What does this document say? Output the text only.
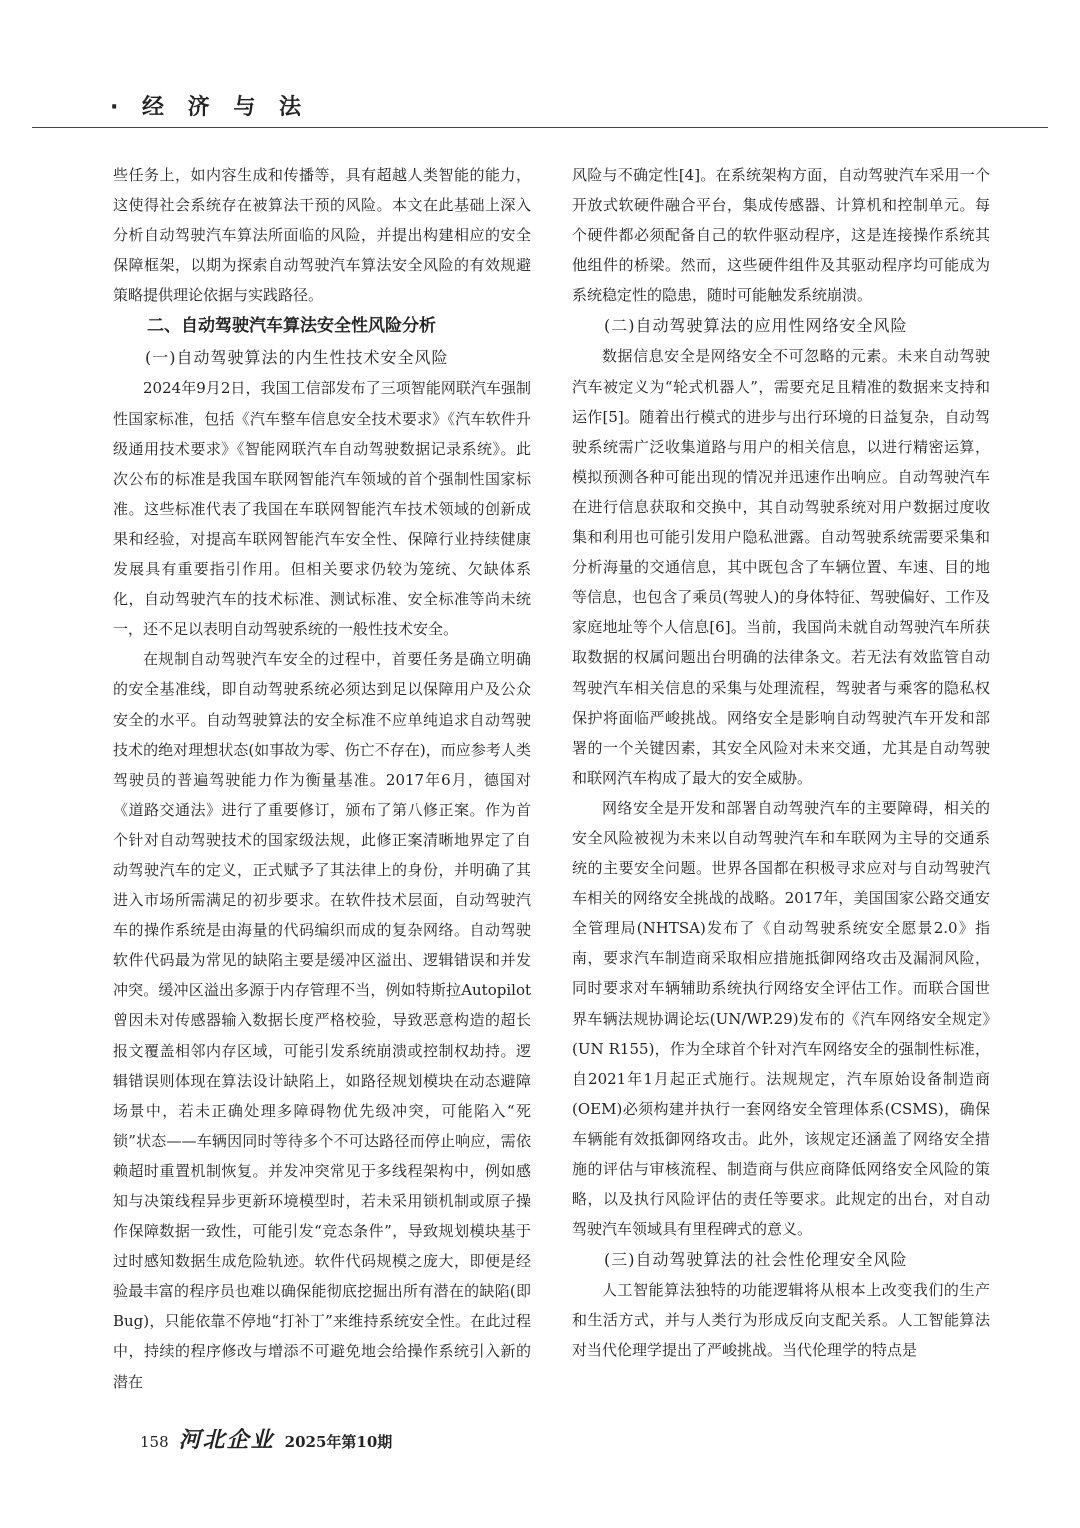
· 经 济 与 法

些任务上，如内容生成和传播等，具有超越人类智能的能力，这使得社会系统存在被算法干预的风险。本文在此基础上深入分析自动驾驶汽车算法所面临的风险，并提出构建相应的安全保障框架，以期为探索自动驾驶汽车算法安全风险的有效规避策略提供理论依据与实践路径。

二、自动驾驶汽车算法安全性风险分析
(一)自动驾驶算法的内生性技术安全风险

2024年9月2日，我国工信部发布了三项智能网联汽车强制性国家标准，包括《汽车整车信息安全技术要求》《汽车软件升级通用技术要求》《智能网联汽车自动驾驶数据记录系统》。此次公布的标准是我国车联网智能汽车领域的首个强制性国家标准。这些标准代表了我国在车联网智能汽车技术领域的创新成果和经验，对提高车联网智能汽车安全性、保障行业持续健康发展具有重要指引作用。但相关要求仍较为笼统、欠缺体系化，自动驾驶汽车的技术标准、测试标准、安全标准等尚未统一，还不足以表明自动驾驶系统的一般性技术安全。

在规制自动驾驶汽车安全的过程中，首要任务是确立明确的安全基准线，即自动驾驶系统必须达到足以保障用户及公众安全的水平。自动驾驶算法的安全标准不应单纯追求自动驾驶技术的绝对理想状态(如事故为零、伤亡不存在)，而应参考人类驾驶员的普遍驾驶能力作为衡量基准。2017年6月，德国对《道路交通法》进行了重要修订，颁布了第八修正案。作为首个针对自动驾驶技术的国家级法规，此修正案清晰地界定了自动驾驶汽车的定义，正式赋予了其法律上的身份，并明确了其进入市场所需满足的初步要求。在软件技术层面，自动驾驶汽车的操作系统是由海量的代码编织而成的复杂网络。自动驾驶软件代码最为常见的缺陷主要是缓冲区溢出、逻辑错误和并发冲突。缓冲区溢出多源于内存管理不当，例如特斯拉Autopilot曾因未对传感器输入数据长度严格校验，导致恶意构造的超长报文覆盖相邻内存区域，可能引发系统崩溃或控制权劫持。逻辑错误则体现在算法设计缺陷上，如路径规划模块在动态避障场景中，若未正确处理多障碍物优先级冲突，可能陷入“死锁”状态——车辆因同时等待多个不可达路径而停止响应，需依赖超时重置机制恢复。并发冲突常见于多线程架构中，例如感知与决策线程异步更新环境模型时，若未采用锁机制或原子操作保障数据一致性，可能引发“竞态条件”，导致规划模块基于过时感知数据生成危险轨迹。软件代码规模之庞大，即便是经验最丰富的程序员也难以确保能彻底挖掘出所有潜在的缺陷(即Bug)，只能依靠不停地“打补丁”来维持系统安全性。在此过程中，持续的程序修改与增添不可避免地会给操作系统引入新的潜在

风险与不确定性[4]。在系统架构方面，自动驾驶汽车采用一个开放式软硬件融合平台，集成传感器、计算机和控制单元。每个硬件都必须配备自己的软件驱动程序，这是连接操作系统其他组件的桥梁。然而，这些硬件组件及其驱动程序均可能成为系统稳定性的隐患，随时可能触发系统崩溃。

(二)自动驾驶算法的应用性网络安全风险

数据信息安全是网络安全不可忽略的元素。未来自动驾驶汽车被定义为“轮式机器人”，需要充足且精准的数据来支持和运作[5]。随着出行模式的进步与出行环境的日益复杂，自动驾驶系统需广泛收集道路与用户的相关信息，以进行精密运算，模拟预测各种可能出现的情况并迅速作出响应。自动驾驶汽车在进行信息获取和交换中，其自动驾驶系统对用户数据过度收集和利用也可能引发用户隐私泄露。自动驾驶系统需要采集和分析海量的交通信息，其中既包含了车辆位置、车速、目的地等信息，也包含了乘员(驾驶人)的身体特征、驾驶偏好、工作及家庭地址等个人信息[6]。当前，我国尚未就自动驾驶汽车所获取数据的权属问题出台明确的法律条文。若无法有效监管自动驾驶汽车相关信息的采集与处理流程，驾驶者与乘客的隐私权保护将面临严峻挑战。网络安全是影响自动驾驶汽车开发和部署的一个关键因素，其安全风险对未来交通，尤其是自动驾驶和联网汽车构成了最大的安全威胁。

网络安全是开发和部署自动驾驶汽车的主要障碍，相关的安全风险被视为未来以自动驾驶汽车和车联网为主导的交通系统的主要安全问题。世界各国都在积极寻求应对与自动驾驶汽车相关的网络安全挑战的战略。2017年，美国国家公路交通安全管理局(NHTSA)发布了《自动驾驶系统安全愿景2.0》指南，要求汽车制造商采取相应措施抵御网络攻击及漏洞风险，同时要求对车辆辅助系统执行网络安全评估工作。而联合国世界车辆法规协调论坛(UN/WP.29)发布的《汽车网络安全规定》(UN R155)，作为全球首个针对汽车网络安全的强制性标准，自2021年1月起正式施行。法规规定，汽车原始设备制造商(OEM)必须构建并执行一套网络安全管理体系(CSMS)，确保车辆能有效抵御网络攻击。此外，该规定还涵盖了网络安全措施的评估与审核流程、制造商与供应商降低网络安全风险的策略，以及执行风险评估的责任等要求。此规定的出台，对自动驾驶汽车领域具有里程碑式的意义。

(三)自动驾驶算法的社会性伦理安全风险

人工智能算法独特的功能逻辑将从根本上改变我们的生产和生活方式，并与人类行为形成反向支配关系。人工智能算法对当代伦理学提出了严峻挑战。当代伦理学的特点是

158 河北企业 2025年第10期
